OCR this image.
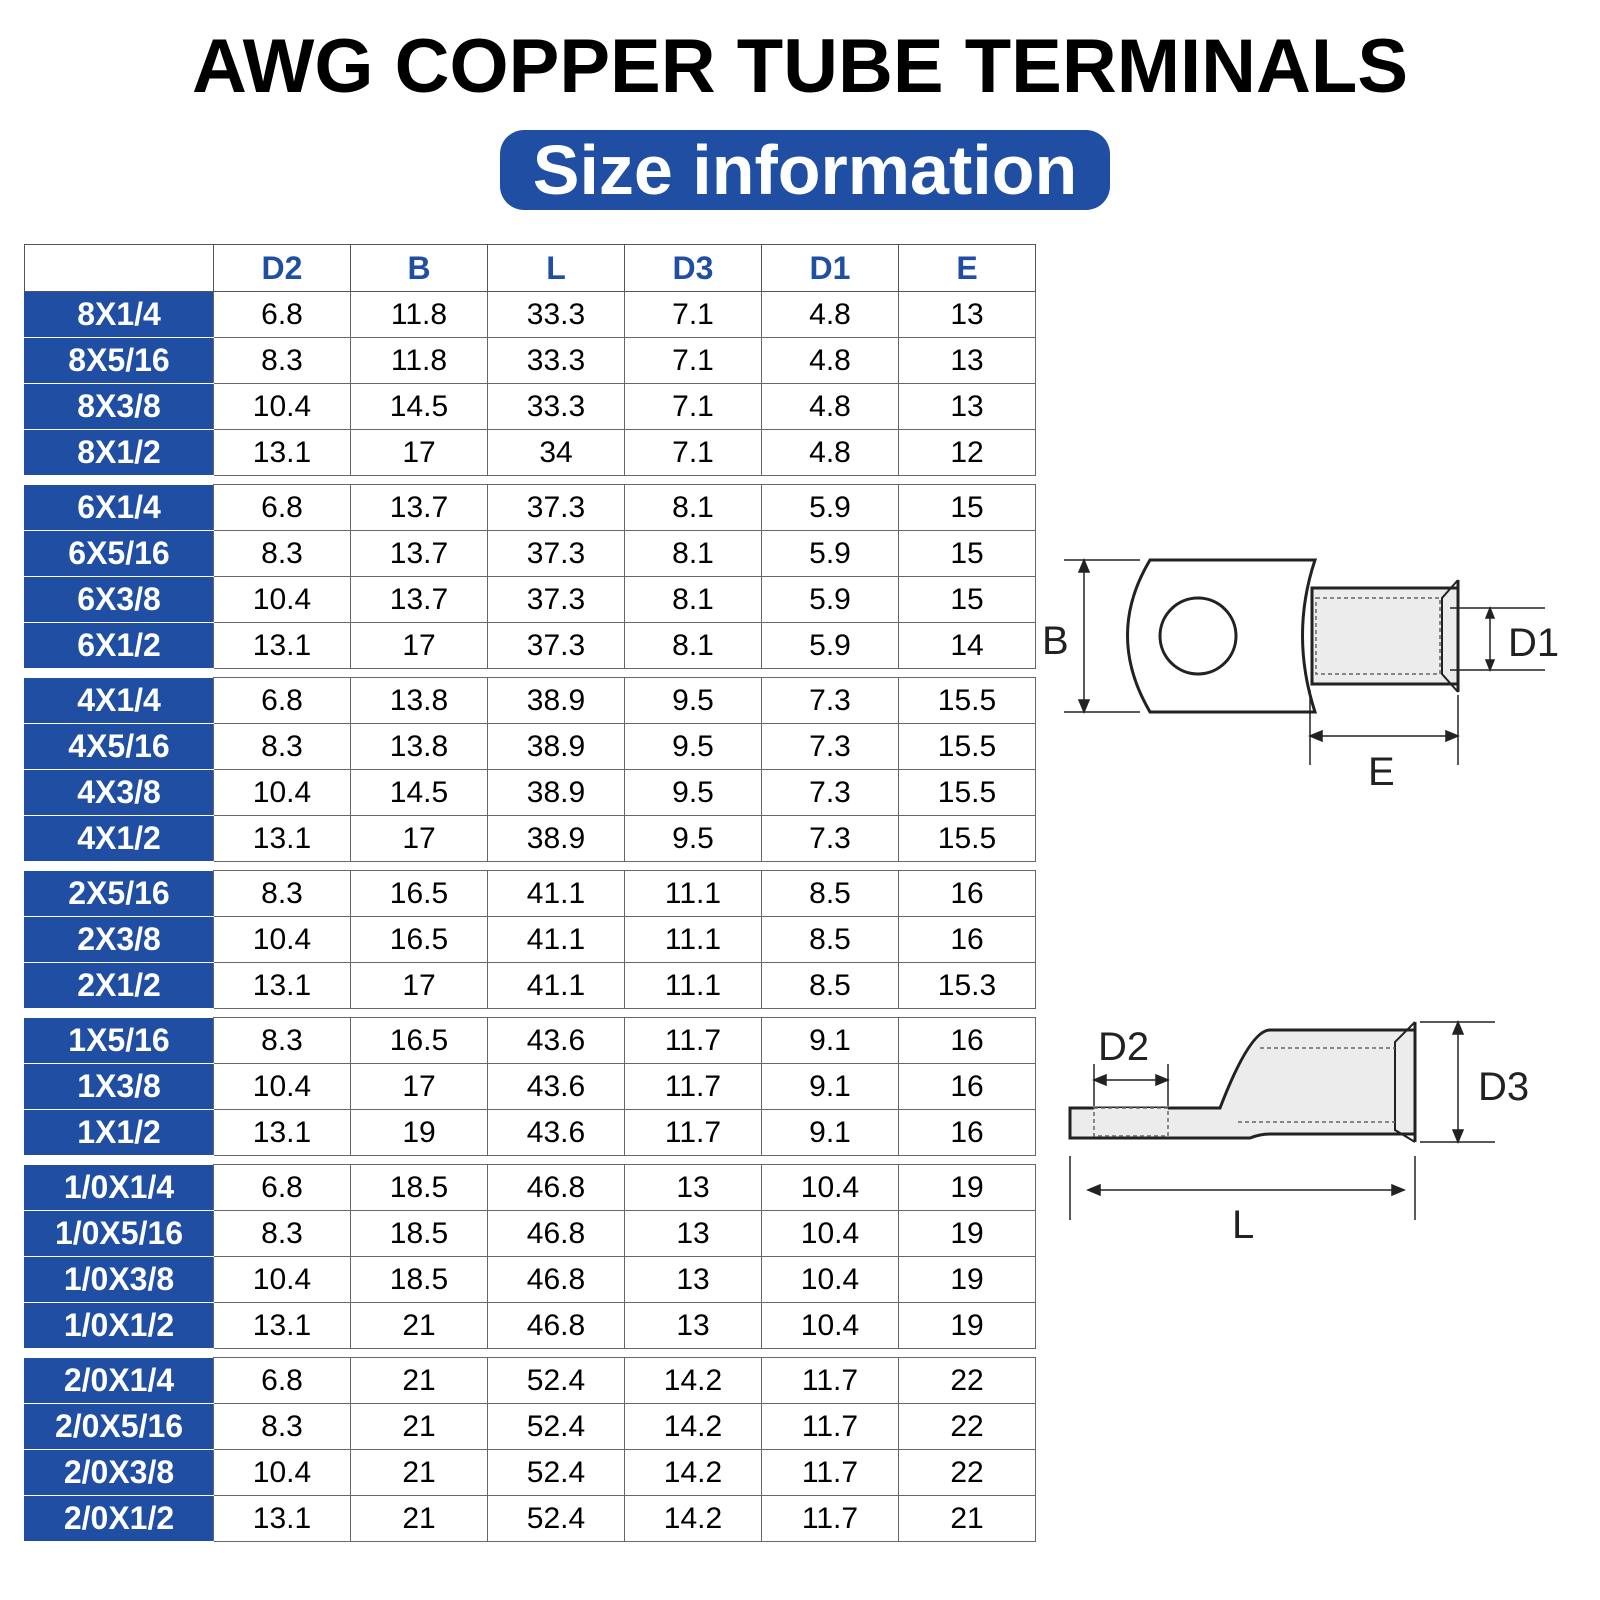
AWG COPPER TUBE TERMINALS
Size information
	D2	B	L	D3	D1	E
8X1/4	6.8	11.8	33.3	7.1	4.8	13
8X5/16	8.3	11.8	33.3	7.1	4.8	13
8X3/8	10.4	14.5	33.3	7.1	4.8	13
8X1/2	13.1	17	34	7.1	4.8	12

6X1/4	6.8	13.7	37.3	8.1	5.9	15
6X5/16	8.3	13.7	37.3	8.1	5.9	15
6X3/8	10.4	13.7	37.3	8.1	5.9	15
6X1/2	13.1	17	37.3	8.1	5.9	14

4X1/4	6.8	13.8	38.9	9.5	7.3	15.5
4X5/16	8.3	13.8	38.9	9.5	7.3	15.5
4X3/8	10.4	14.5	38.9	9.5	7.3	15.5
4X1/2	13.1	17	38.9	9.5	7.3	15.5

2X5/16	8.3	16.5	41.1	11.1	8.5	16
2X3/8	10.4	16.5	41.1	11.1	8.5	16
2X1/2	13.1	17	41.1	11.1	8.5	15.3

1X5/16	8.3	16.5	43.6	11.7	9.1	16
1X3/8	10.4	17	43.6	11.7	9.1	16
1X1/2	13.1	19	43.6	11.7	9.1	16

1/0X1/4	6.8	18.5	46.8	13	10.4	19
1/0X5/16	8.3	18.5	46.8	13	10.4	19
1/0X3/8	10.4	18.5	46.8	13	10.4	19
1/0X1/2	13.1	21	46.8	13	10.4	19

2/0X1/4	6.8	21	52.4	14.2	11.7	22
2/0X5/16	8.3	21	52.4	14.2	11.7	22
2/0X3/8	10.4	21	52.4	14.2	11.7	22
2/0X1/2	13.1	21	52.4	14.2	11.7	21
B	D1
E
D2
D3
L
